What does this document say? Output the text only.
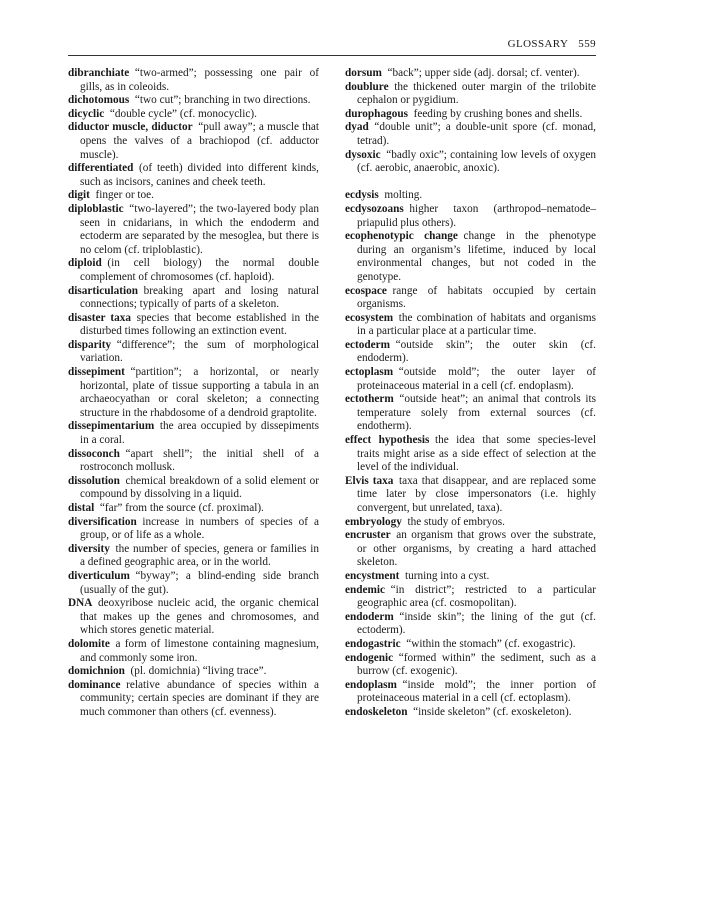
GLOSSARY 559
dibranchiate  “two-armed”; possessing one pair of gills, as in coleoids.
dichotomous  “two cut”; branching in two directions.
dicyclic  “double cycle” (cf. monocyclic).
diductor muscle, diductor  “pull away”; a muscle that opens the valves of a brachiopod (cf. adductor muscle).
differentiated  (of teeth) divided into different kinds, such as incisors, canines and cheek teeth.
digit  finger or toe.
diploblastic  “two-layered”; the two-layered body plan seen in cnidarians, in which the endoderm and ectoderm are separated by the mesoglea, but there is no celom (cf. triploblastic).
diploid  (in cell biology) the normal double complement of chromosomes (cf. haploid).
disarticulation  breaking apart and losing natural connections; typically of parts of a skeleton.
disaster taxa  species that become established in the disturbed times following an extinction event.
disparity  “difference”; the sum of morphological variation.
dissepiment  “partition”; a horizontal, or nearly horizontal, plate of tissue supporting a tabula in an archaeocyathan or coral skeleton; a connecting structure in the rhabdosome of a dendroid graptolite.
dissepimentarium  the area occupied by dissepiments in a coral.
dissoconch  “apart shell”; the initial shell of a rostroconch mollusk.
dissolution  chemical breakdown of a solid element or compound by dissolving in a liquid.
distal  “far” from the source (cf. proximal).
diversification  increase in numbers of species of a group, or of life as a whole.
diversity  the number of species, genera or families in a defined geographic area, or in the world.
diverticulum  “byway”; a blind-ending side branch (usually of the gut).
DNA  deoxyribose nucleic acid, the organic chemical that makes up the genes and chromosomes, and which stores genetic material.
dolomite  a form of limestone containing magnesium, and commonly some iron.
domichnion  (pl. domichnia) “living trace”.
dominance  relative abundance of species within a community; certain species are dominant if they are much commoner than others (cf. evenness).
dorsum  “back”; upper side (adj. dorsal; cf. venter).
doublure  the thickened outer margin of the trilobite cephalon or pygidium.
durophagous  feeding by crushing bones and shells.
dyad  “double unit”; a double-unit spore (cf. monad, tetrad).
dysoxic  “badly oxic”; containing low levels of oxygen (cf. aerobic, anaerobic, anoxic).
ecdysis  molting.
ecdysozoans  higher taxon (arthropod–nematode–priapulid plus others).
ecophenotypic change  change in the phenotype during an organism’s lifetime, induced by local environmental changes, but not coded in the genotype.
ecospace  range of habitats occupied by certain organisms.
ecosystem  the combination of habitats and organisms in a particular place at a particular time.
ectoderm  “outside skin”; the outer skin (cf. endoderm).
ectoplasm  “outside mold”; the outer layer of proteinaceous material in a cell (cf. endoplasm).
ectotherm  “outside heat”; an animal that controls its temperature solely from external sources (cf. endotherm).
effect hypothesis  the idea that some species-level traits might arise as a side effect of selection at the level of the individual.
Elvis taxa  taxa that disappear, and are replaced some time later by close impersonators (i.e. highly convergent, but unrelated, taxa).
embryology  the study of embryos.
encruster  an organism that grows over the substrate, or other organisms, by creating a hard attached skeleton.
encystment  turning into a cyst.
endemic  “in district”; restricted to a particular geographic area (cf. cosmopolitan).
endoderm  “inside skin”; the lining of the gut (cf. ectoderm).
endogastric  “within the stomach” (cf. exogastric).
endogenic  “formed within” the sediment, such as a burrow (cf. exogenic).
endoplasm  “inside mold”; the inner portion of proteinaceous material in a cell (cf. ectoplasm).
endoskeleton  “inside skeleton” (cf. exoskeleton).
